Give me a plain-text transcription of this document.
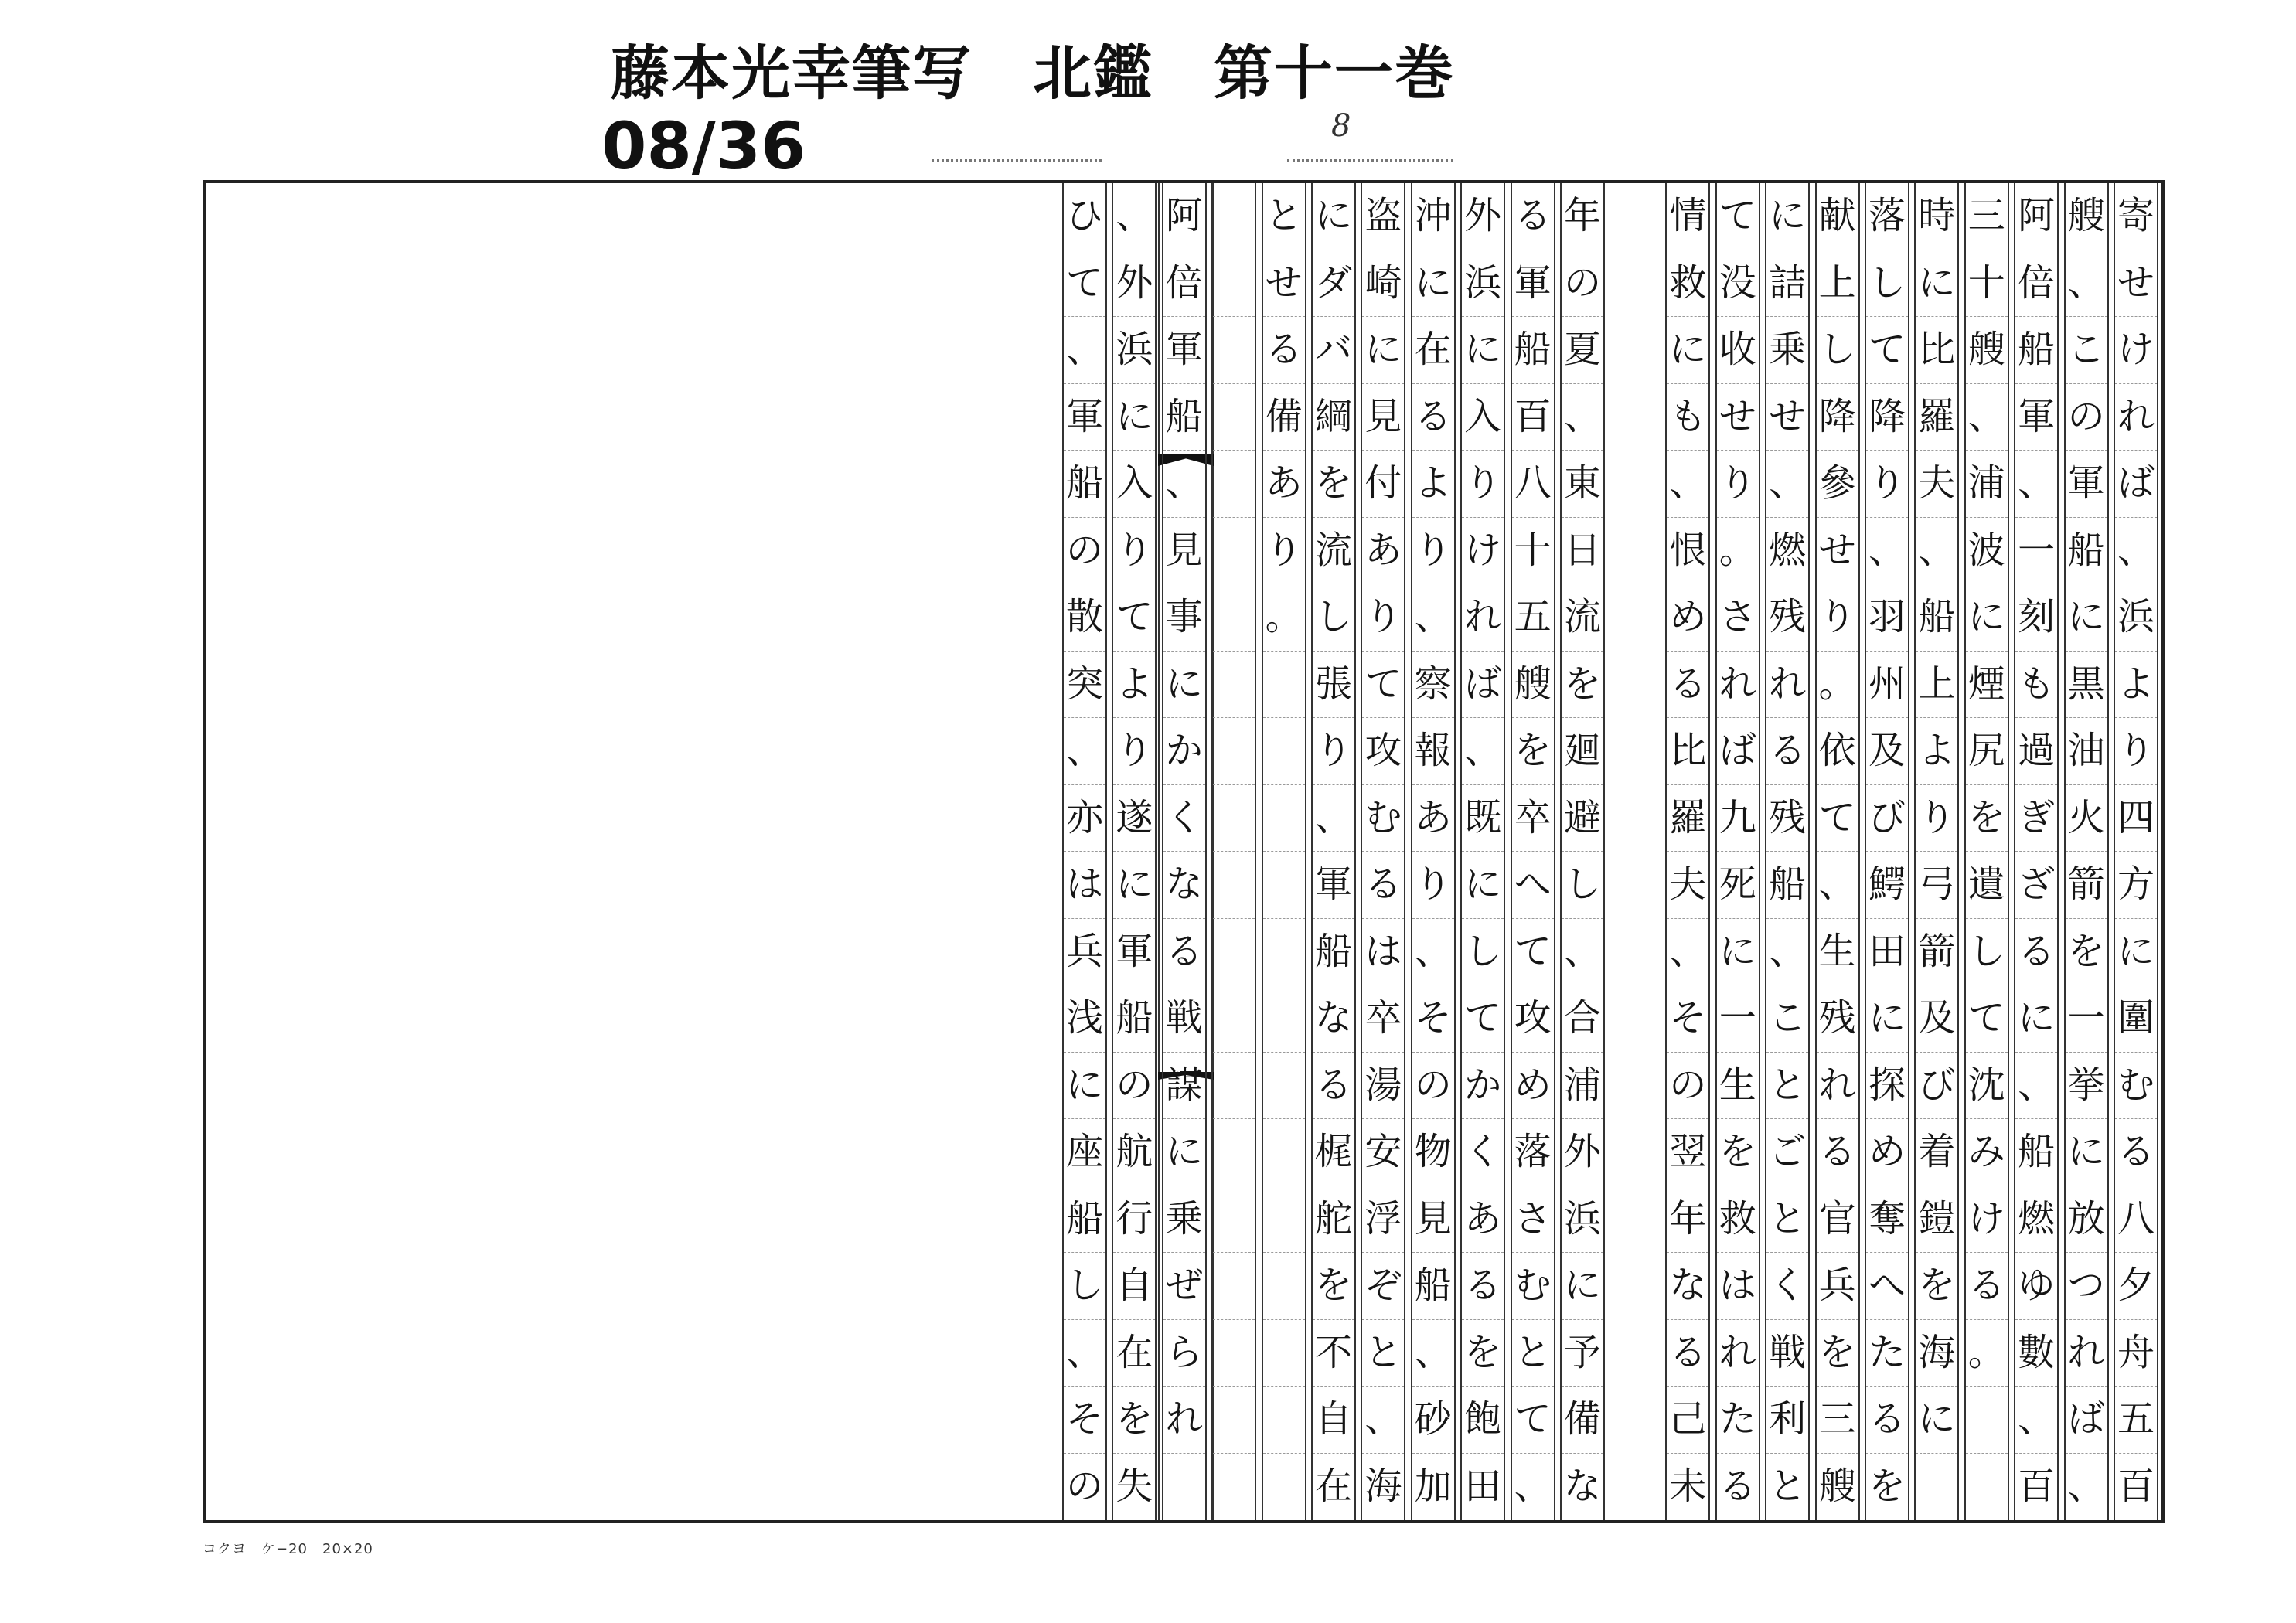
藤本光幸筆写　北鑑　第十一巻
08/36	8
寄
せ
け
れ
ば
、
浜
よ
り
四
方
に
圍
む
る
八
夕
舟
五
百
艘
、
こ
の
軍
船
に
黒
油
火
箭
を
一
挙
に
放
つ
れ
ば
、
阿
倍
船
軍
、
一
刻
も
過
ぎ
ざ
る
に
、
船
燃
ゆ
數
、
百
三
十
艘
、
浦
波
に
煙
尻
を
遺
し
て
沈
み
け
る
。
時
に
比
羅
夫
、
船
上
よ
り
弓
箭
及
び
着
鎧
を
海
に
落
し
て
降
り
、
羽
州
及
び
鰐
田
に
探
め
奪
へ
た
る
を
献
上
し
降
參
せ
り
。
依
て
、
生
残
れ
る
官
兵
を
三
艘
に
詰
乗
せ
、
燃
残
れ
る
残
船
、
こ
と
ご
と
く
戦
利
と
て
没
收
せ
り
。
さ
れ
ば
九
死
に
一
生
を
救
は
れ
た
る
情
救
に
も
、
恨
め
る
比
羅
夫
、
そ
の
翌
年
な
る
己
未
年
の
夏
、
東
日
流
を
廻
避
し
、
合
浦
外
浜
に
予
備
な
る
軍
船
百
八
十
五
艘
を
卒
へ
て
攻
め
落
さ
む
と
て
、
外
浜
に
入
り
け
れ
ば
、
既
に
し
て
か
く
あ
る
を
飽
田
沖
に
在
る
よ
り
、
察
報
あ
り
、
そ
の
物
見
船
、
砂
加
盗
崎
に
見
付
あ
り
て
攻
む
る
は
卒
湯
安
浮
ぞ
と
、
海
に
ダ
バ
綱
を
流
し
張
り
、
軍
船
な
る
梶
舵
を
不
自
在
と
せ
る
備
あ
り
。
阿
倍
軍
船
、
見
事
に
か
く
な
る
戦
謀
に
乗
ぜ
ら
れ
、
外
浜
に
入
り
て
よ
り
遂
に
軍
船
の
航
行
自
在
を
失
ひ
て
、
軍
船
の
散
突
、
亦
は
兵
浅
に
座
船
し
、
そ
の
コクヨ　ケ−20　20×20
